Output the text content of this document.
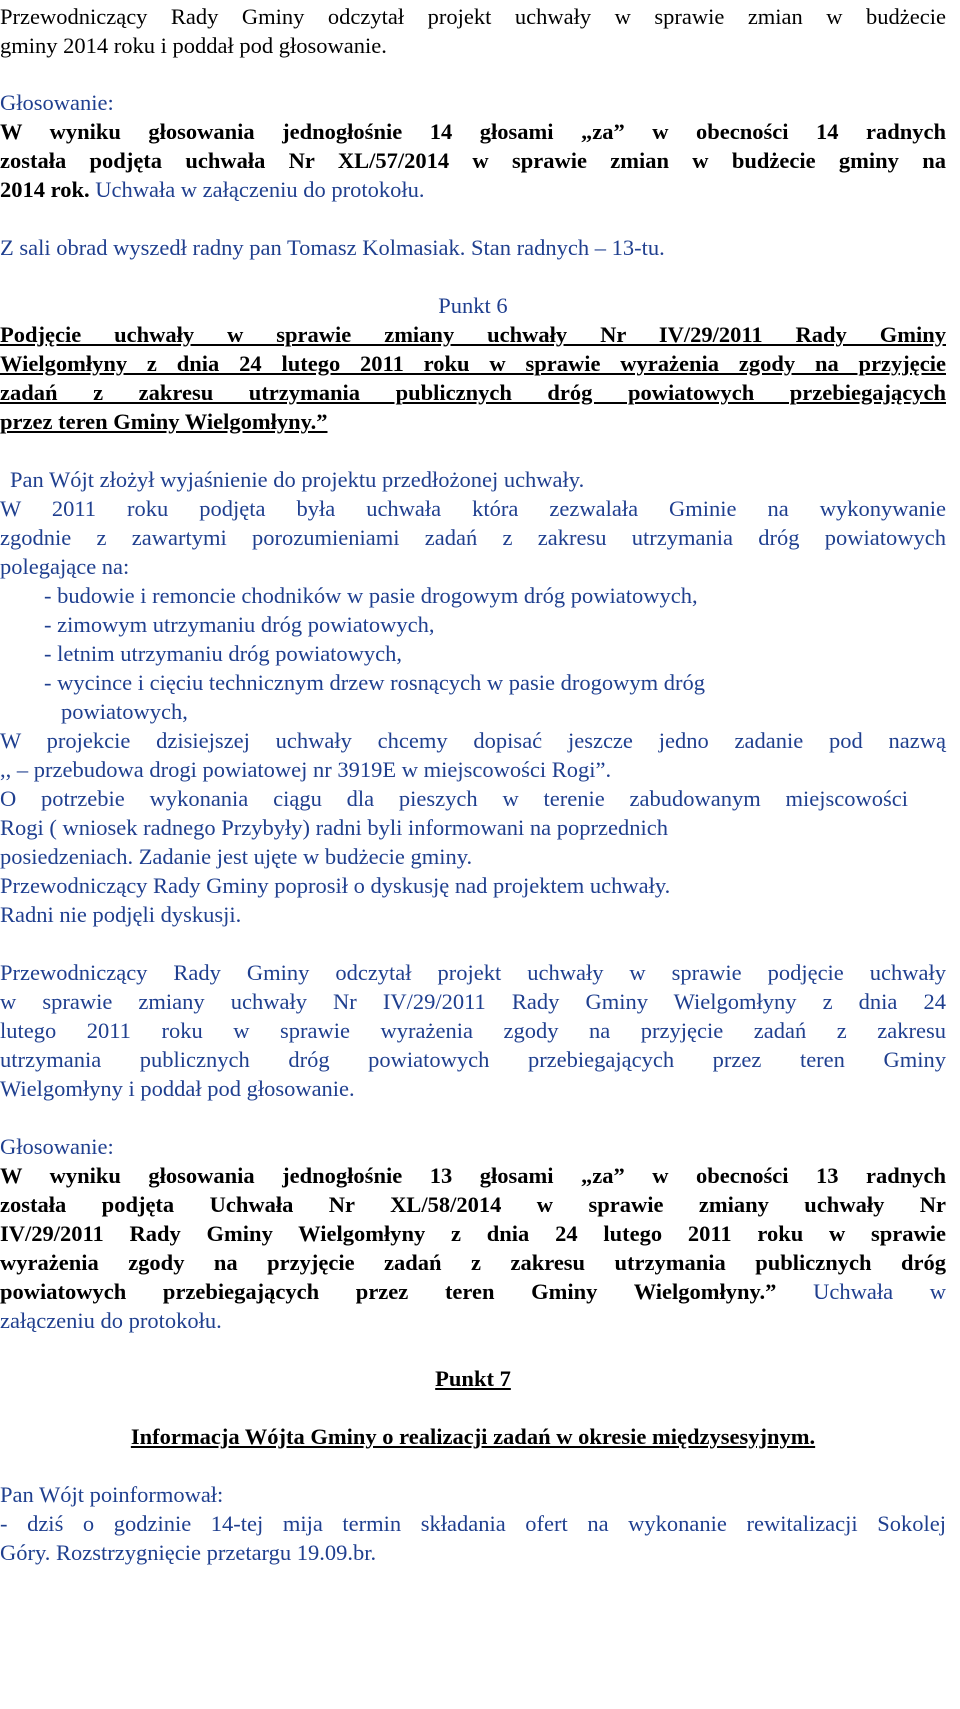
Przewodniczący Rady Gminy odczytał projekt uchwały w sprawie zmian w budżecie

gminy 2014 roku i poddał pod głosowanie.

Głosowanie:

W wyniku głosowania jednogłośnie 14 głosami „za” w obecności 14 radnych

została podjęta uchwała Nr XL/57/2014 w sprawie zmian w budżecie gminy na

2014 rok. Uchwała w załączeniu do protokołu.

Z sali obrad wyszedł radny pan Tomasz Kolmasiak. Stan radnych – 13-tu.

Punkt 6

Podjęcie uchwały w sprawie zmiany uchwały Nr IV/29/2011 Rady Gminy

Wielgomłyny z dnia 24 lutego 2011 roku w sprawie wyrażenia zgody na przyjęcie

zadań z zakresu utrzymania publicznych dróg powiatowych przebiegających

przez teren Gminy Wielgomłyny.”

Pan Wójt złożył wyjaśnienie do projektu przedłożonej uchwały.

W 2011 roku podjęta była uchwała która zezwalała Gminie na wykonywanie

zgodnie z zawartymi porozumieniami zadań z zakresu utrzymania dróg powiatowych

polegające na:

- budowie i remoncie chodników w pasie drogowym dróg powiatowych,

- zimowym utrzymaniu dróg powiatowych,

- letnim utrzymaniu dróg powiatowych,

- wycince i cięciu technicznym drzew rosnących w pasie drogowym dróg

powiatowych,

W projekcie dzisiejszej uchwały chcemy dopisać jeszcze jedno zadanie pod nazwą

,, – przebudowa drogi powiatowej nr 3919E w miejscowości Rogi”.

O potrzebie wykonania ciągu dla pieszych w terenie zabudowanym miejscowości

Rogi ( wniosek radnego Przybyły) radni byli informowani na poprzednich

posiedzeniach. Zadanie jest ujęte w budżecie gminy.

Przewodniczący Rady Gminy poprosił o dyskusję nad projektem uchwały.

Radni nie podjęli dyskusji.

Przewodniczący Rady Gminy odczytał projekt uchwały w sprawie podjęcie uchwały

w sprawie zmiany uchwały Nr IV/29/2011 Rady Gminy Wielgomłyny z dnia 24

lutego 2011 roku w sprawie wyrażenia zgody na przyjęcie zadań z zakresu

utrzymania publicznych dróg powiatowych przebiegających przez teren Gminy

Wielgomłyny i poddał pod głosowanie.

Głosowanie:

W wyniku głosowania jednogłośnie 13 głosami „za” w obecności 13 radnych

została podjęta Uchwała Nr XL/58/2014 w sprawie zmiany uchwały Nr

IV/29/2011 Rady Gminy Wielgomłyny z dnia 24 lutego 2011 roku w sprawie

wyrażenia zgody na przyjęcie zadań z zakresu utrzymania publicznych dróg

powiatowych przebiegających przez teren Gminy Wielgomłyny.” Uchwała w

załączeniu do protokołu.

Punkt 7

Informacja Wójta Gminy o realizacji zadań w okresie międzysesyjnym.

Pan Wójt poinformował:

- dziś o godzinie 14-tej mija termin składania ofert na wykonanie rewitalizacji Sokolej

Góry. Rozstrzygnięcie przetargu 19.09.br.
